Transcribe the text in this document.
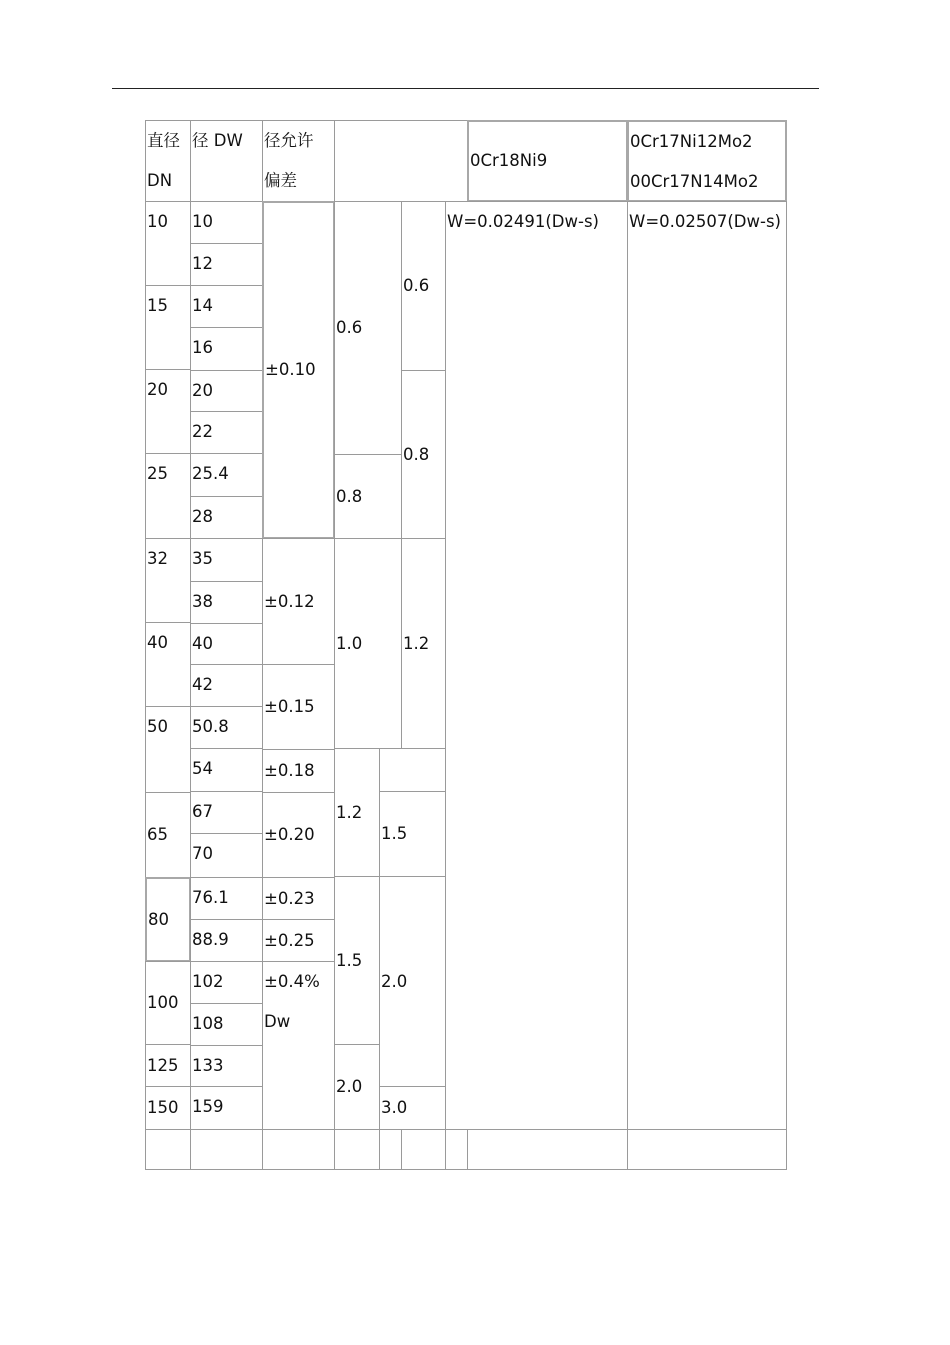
直径
DN
径 DW	径允许
偏差
0Cr18Ni9
0Cr17Ni12Mo2
00Cr17N14Mo2
10
15
20
25
32
40
50
65
80
100
125
150
10
12
14
16
20
22
25.4
28
35
38
40
42
50.8
54
67
70
76.1
88.9
102
108
133
159
±0.10
±0.12
±0.15
±0.18
±0.20
±0.23
±0.25
±0.4%
Dw
0.6
0.8
1.0
1.2
1.5
2.0
0.6
0.8
1.2
1.5
2.0
3.0
W=0.02491(Dw-s)	W=0.02507(Dw-s)
